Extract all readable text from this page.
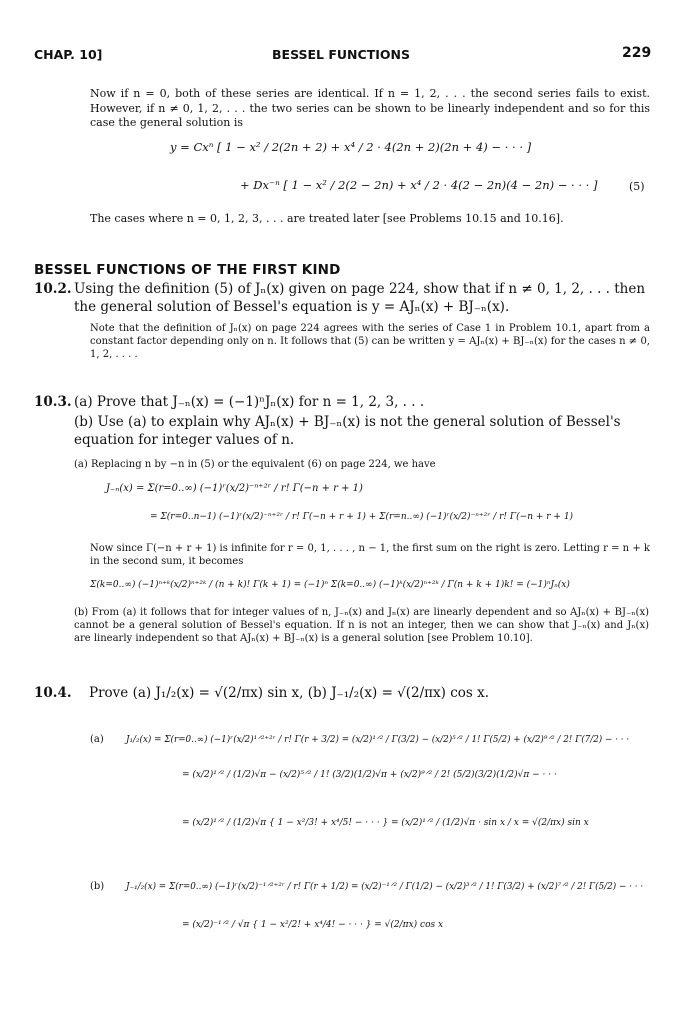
CHAP. 10]	BESSEL FUNCTIONS	229
Now if n = 0, both of these series are identical. If n = 1, 2, . . . the second series fails to exist. However, if n ≠ 0, 1, 2, . . . the two series can be shown to be linearly independent and so for this case the general solution is
y = Cxⁿ [ 1 − x² / 2(2n + 2) + x⁴ / 2 · 4(2n + 2)(2n + 4) − · · · ]
+ Dx⁻ⁿ [ 1 − x² / 2(2 − 2n) + x⁴ / 2 · 4(2 − 2n)(4 − 2n) − · · · ]	(5)
The cases where n = 0, 1, 2, 3, . . . are treated later [see Problems 10.15 and 10.16].
BESSEL FUNCTIONS OF THE FIRST KIND
10.2. Using the definition (5) of Jₙ(x) given on page 224, show that if n ≠ 0, 1, 2, . . . then the general solution of Bessel's equation is y = AJₙ(x) + BJ₋ₙ(x).
Note that the definition of Jₙ(x) on page 224 agrees with the series of Case 1 in Problem 10.1, apart from a constant factor depending only on n. It follows that (5) can be written y = AJₙ(x) + BJ₋ₙ(x) for the cases n ≠ 0, 1, 2, . . . .
10.3. (a) Prove that J₋ₙ(x) = (−1)ⁿJₙ(x) for n = 1, 2, 3, . . .
(b) Use (a) to explain why AJₙ(x) + BJ₋ₙ(x) is not the general solution of Bessel's equation for integer values of n.
(a) Replacing n by −n in (5) or the equivalent (6) on page 224, we have
J₋ₙ(x) = Σ(r=0..∞) (−1)ʳ(x/2)⁻ⁿ⁺²ʳ / r! Γ(−n + r + 1)
= Σ(r=0..n−1) (−1)ʳ(x/2)⁻ⁿ⁺²ʳ / r! Γ(−n + r + 1) + Σ(r=n..∞) (−1)ʳ(x/2)⁻ⁿ⁺²ʳ / r! Γ(−n + r + 1)
Now since Γ(−n + r + 1) is infinite for r = 0, 1, . . . , n − 1, the first sum on the right is zero. Letting r = n + k in the second sum, it becomes
Σ(k=0..∞) (−1)ⁿ⁺ᵏ(x/2)ⁿ⁺²ᵏ / (n + k)! Γ(k + 1) = (−1)ⁿ Σ(k=0..∞) (−1)ᵏ(x/2)ⁿ⁺²ᵏ / Γ(n + k + 1)k! = (−1)ⁿJₙ(x)
(b) From (a) it follows that for integer values of n, J₋ₙ(x) and Jₙ(x) are linearly dependent and so AJₙ(x) + BJ₋ₙ(x) cannot be a general solution of Bessel's equation. If n is not an integer, then we can show that J₋ₙ(x) and Jₙ(x) are linearly independent so that AJₙ(x) + BJ₋ₙ(x) is a general solution [see Problem 10.10].
10.4. Prove (a) J₁/₂(x) = √(2/πx) sin x, (b) J₋₁/₂(x) = √(2/πx) cos x.
(a)	J₁/₂(x) = Σ(r=0..∞) (−1)ʳ(x/2)¹ᐟ²⁺²ʳ / r! Γ(r + 3/2) = (x/2)¹ᐟ² / Γ(3/2) − (x/2)⁵ᐟ² / 1! Γ(5/2) + (x/2)⁹ᐟ² / 2! Γ(7/2) − · · ·
= (x/2)¹ᐟ² / (1/2)√π − (x/2)⁵ᐟ² / 1! (3/2)(1/2)√π + (x/2)⁹ᐟ² / 2! (5/2)(3/2)(1/2)√π − · · ·
= (x/2)¹ᐟ² / (1/2)√π { 1 − x²/3! + x⁴/5! − · · · } = (x/2)¹ᐟ² / (1/2)√π · sin x / x = √(2/πx) sin x
(b) J₋₁/₂(x) = Σ(r=0..∞) (−1)ʳ(x/2)⁻¹ᐟ²⁺²ʳ / r! Γ(r + 1/2) = (x/2)⁻¹ᐟ² / Γ(1/2) − (x/2)³ᐟ² / 1! Γ(3/2) + (x/2)⁷ᐟ² / 2! Γ(5/2) − · · ·
= (x/2)⁻¹ᐟ² / √π { 1 − x²/2! + x⁴/4! − · · · } = √(2/πx) cos x
